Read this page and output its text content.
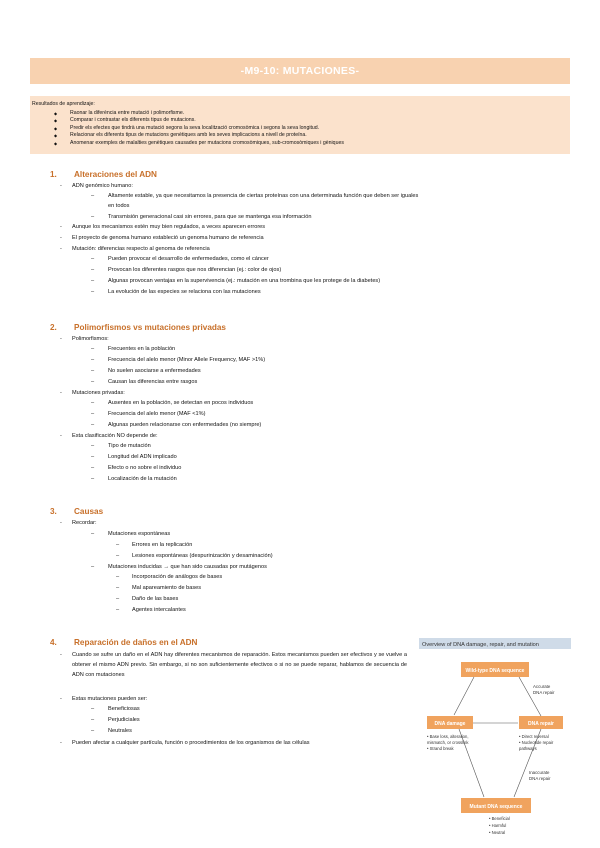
-M9-10: MUTACIONES-
Resultados de aprendizaje:
◆ Raonar la diferència entre mutació i polimorfisme.
◆ Comparar i contrastar els diferents tipus de mutacions.
◆ Predir els efectes que tindrà una mutació segons la seva localització cromosòmica i segons la seva longitud.
◆ Relacionar els diferents tipus de mutacions genètiques amb les seves implicacions a nivell de proteïna.
◆ Anomenar exemples de malalties genètiques causades per mutacions cromosòmiques, sub-cromosòmiques i gèniques
1. Alteraciones del ADN
- ADN genómico humano:
– Altamente estable, ya que necesitamos la presencia de ciertas proteínas con una determinada función que deben ser iguales
en todos
– Transmisión generacional casi sin errores, para que se mantenga esa información
- Aunque los mecanismos estén muy bien regulados, a veces aparecen errores
- El proyecto de genoma humano estableció un genoma humano de referencia
- Mutación: diferencias respecto al genoma de referencia
– Pueden provocar el desarrollo de enfermedades, como el cáncer
– Provocan los diferentes rasgos que nos diferencian (ej.: color de ojos)
– Algunas provocan ventajas en la supervivencia (ej.: mutación en una trombina que les protege de la diabetes)
– La evolución de las especies se relaciona con las mutaciones
2. Polimorfismos vs mutaciones privadas
- Polimorfismos:
– Frecuentes en la población
– Frecuencia del alelo menor (Minor Allele Frequency, MAF >1%)
– No suelen asociarse a enfermedades
– Causan las diferencias entre rasgos
- Mutaciones privadas:
– Ausentes en la población, se detectan en pocos individuos
– Frecuencia del alelo menor (MAF <1%)
– Algunas pueden relacionarse con enfermedades (no siempre)
- Esta clasificación NO depende de:
– Tipo de mutación
– Longitud del ADN implicado
– Efecto o no sobre el individuo
– Localización de la mutación
3. Causas
- Recordar:
– Mutaciones espontáneas
– Errores en la replicación
– Lesiones espontáneas (despurinización y desaminación)
– Mutaciones inducidas → que han sido causadas por mutágenos
– Incorporación de análogos de bases
– Mal apareamiento de bases
– Daño de las bases
– Agentes intercalantes
4. Reparación de daños en el ADN
- Cuando se sufre un daño en el ADN hay diferentes mecanismos de reparación. Estos mecanismos pueden ser efectivos y se vuelve a obtener el mismo ADN previo. Sin embargo, si no son suficientemente efectivos o si no se puede reparar, hablamos de secuencia de ADN con mutaciones
- Estas mutaciones pueden ser:
– Beneficiosas
– Perjudiciales
– Neutrales
- Pueden afectar a cualquier partícula, función o procedimientos de los organismos de las células
Overview of DNA damage, repair, and mutation
Wild-type DNA sequence
DNA damage	DNA repair
Mutant DNA sequence
Accurate
DNA repair
Inaccurate
DNA repair
• Base loss, alteration,
mismatch, or crosslink
• Strand break
• Direct reversal
• Nucleotide repair
pathways
• Beneficial
• Harmful
• Neutral
